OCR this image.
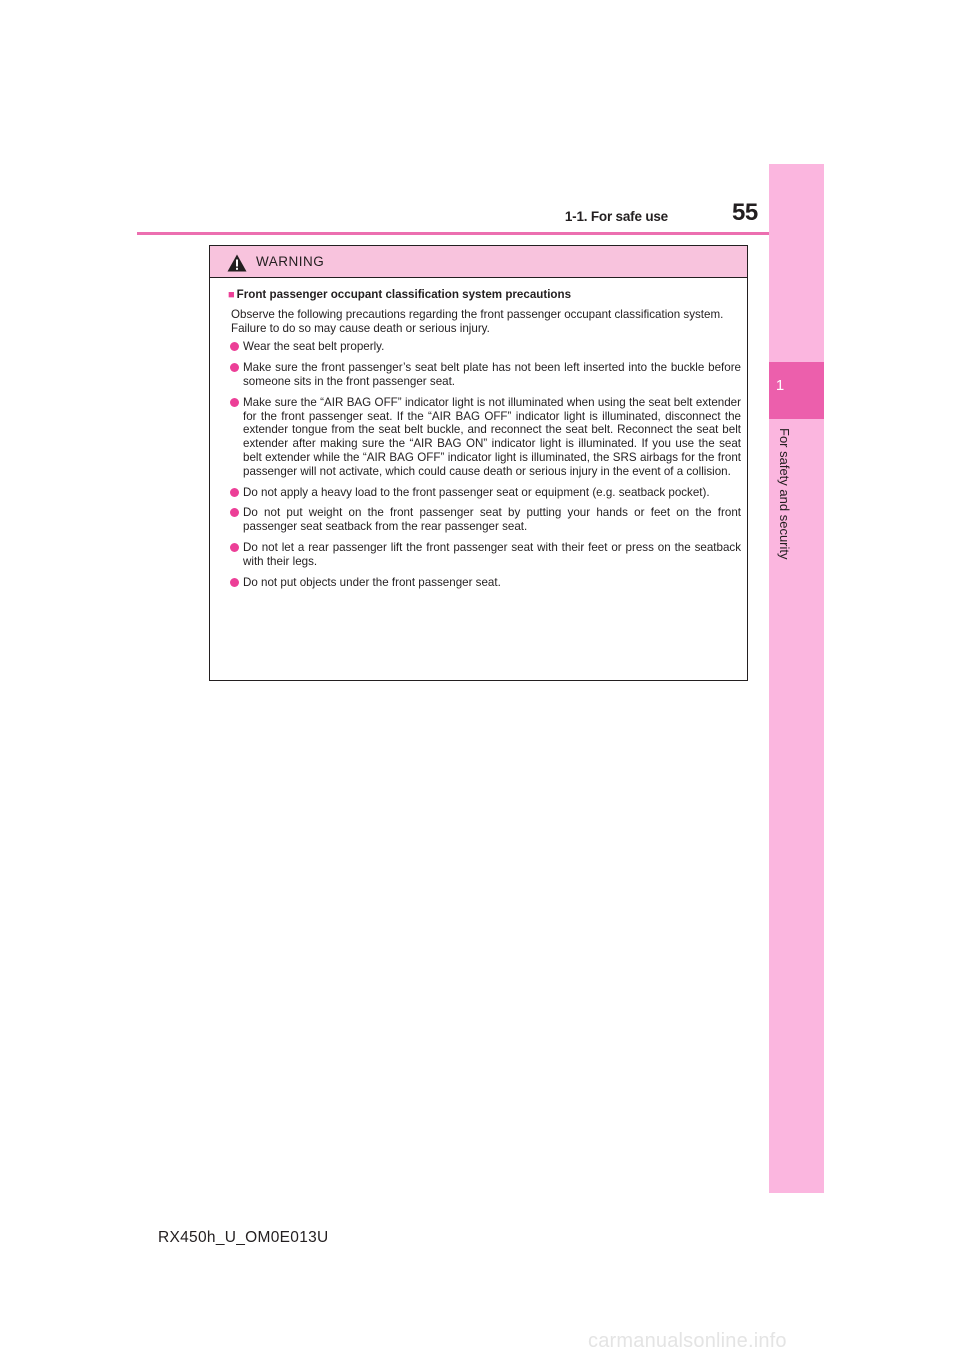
1-1. For safe use	55
1
For safety and security
WARNING
■ Front passenger occupant classification system precautions
Observe the following precautions regarding the front passenger occupant classification system.
Failure to do so may cause death or serious injury.
Wear the seat belt properly.
Make sure the front passenger’s seat belt plate has not been left inserted into the buckle before someone sits in the front passenger seat.
Make sure the “AIR BAG OFF” indicator light is not illuminated when using the seat belt extender for the front passenger seat. If the “AIR BAG OFF” indicator light is illuminated, disconnect the extender tongue from the seat belt buckle, and reconnect the seat belt. Reconnect the seat belt extender after making sure the “AIR BAG ON” indicator light is illuminated. If you use the seat belt extender while the “AIR BAG OFF” indicator light is illuminated, the SRS airbags for the front passenger will not activate, which could cause death or serious injury in the event of a collision.
Do not apply a heavy load to the front passenger seat or equipment (e.g. seatback pocket).
Do not put weight on the front passenger seat by putting your hands or feet on the front passenger seat seatback from the rear passenger seat.
Do not let a rear passenger lift the front passenger seat with their feet or press on the seatback with their legs.
Do not put objects under the front passenger seat.
RX450h_U_OM0E013U
carmanualsonline.info
